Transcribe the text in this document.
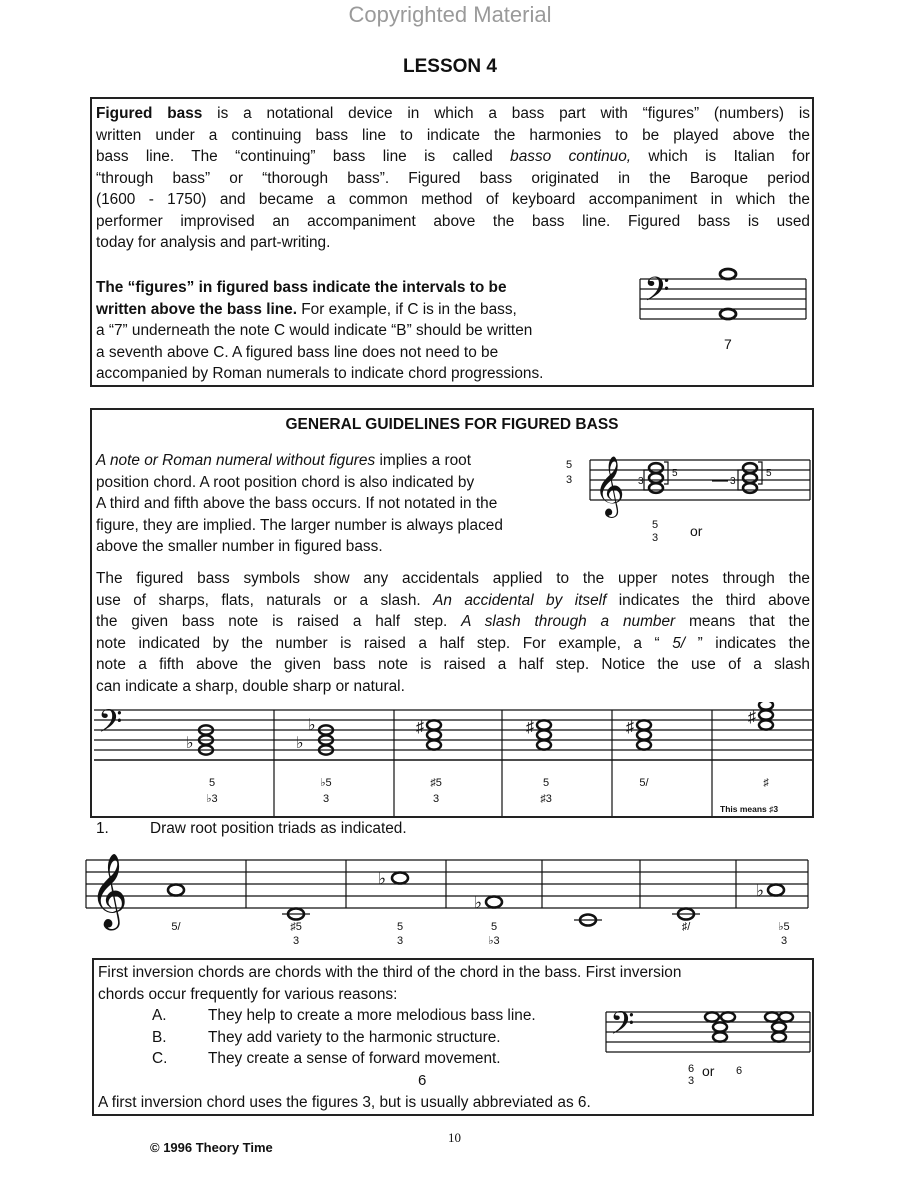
Copyrighted Material
LESSON 4
Figured bass is a notational device in which a bass part with “figures” (numbers) is
written under a continuing bass line to indicate the harmonies to be played above the
bass line. The “continuing” bass line is called basso continuo, which is Italian for
“through bass” or “thorough bass”. Figured bass originated in the Baroque period
(1600 - 1750) and became a common method of keyboard accompaniment in which the
performer improvised an accompaniment above the bass line. Figured bass is used
today for analysis and part-writing.
The “figures” in figured bass indicate the intervals to be
written above the bass line. For example, if C is in the bass,
a “7” underneath the note C would indicate “B” should be written
a seventh above C. A figured bass line does not need to be
accompanied by Roman numerals to indicate chord progressions.
𝄢
7
GENERAL GUIDELINES FOR FIGURED BASS
A note or Roman numeral without figures implies a root
position chord. A root position chord is also indicated by
A third and fifth above the bass occurs. If not notated in the
figure, they are implied. The larger number is always placed
above the smaller number in figured bass.
5
3 𝄞 3
5
3
5
5
3 or
The figured bass symbols show any accidentals applied to the upper notes through the
use of sharps, flats, naturals or a slash. An accidental by itself indicates the third above
the given bass note is raised a half step. A slash through a number means that the
note indicated by the number is raised a half step. For example, a “ 5/ ” indicates the
note a fifth above the given bass note is raised a half step. Notice the use of a slash
can indicate a sharp, double sharp or natural.
𝄢	♭
♭
♭
♯	♯	♯
♯
5
♭3
♭5
3
♯5
3
5
♯3
5/	♯
This means ♯3
1.	Draw root position triads as indicated.
𝄞	♭
♭
♭
5/	♯5
3
5
3
5
♭3
♯/	♭5
3
First inversion chords are chords with the third of the chord in the bass. First inversion
chords occur frequently for various reasons:
A.	They help to create a more melodious bass line.
B.	They add variety to the harmonic structure.
C.	They create a sense of forward movement.
6
A first inversion chord uses the figures 3, but is usually abbreviated as 6.
𝄢
6
3
or 6
© 1996 Theory Time
10
